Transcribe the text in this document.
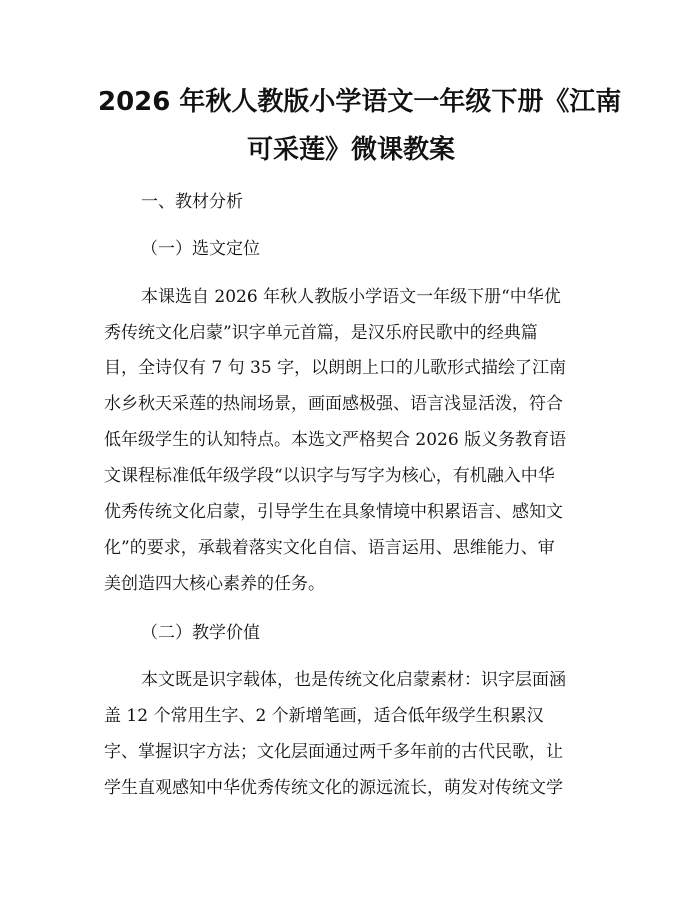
2026 年秋人教版小学语文一年级下册《江南
可采莲》微课教案

一、教材分析

（一）选文定位

本课选自 2026 年秋人教版小学语文一年级下册“中华优

秀传统文化启蒙”识字单元首篇，是汉乐府民歌中的经典篇

目，全诗仅有 7 句 35 字，以朗朗上口的儿歌形式描绘了江南

水乡秋天采莲的热闹场景，画面感极强、语言浅显活泼，符合

低年级学生的认知特点。本选文严格契合 2026 版义务教育语

文课程标准低年级学段“以识字与写字为核心，有机融入中华

优秀传统文化启蒙，引导学生在具象情境中积累语言、感知文

化”的要求，承载着落实文化自信、语言运用、思维能力、审

美创造四大核心素养的任务。

（二）教学价值

本文既是识字载体，也是传统文化启蒙素材：识字层面涵

盖 12 个常用生字、2 个新增笔画，适合低年级学生积累汉

字、掌握识字方法；文化层面通过两千多年前的古代民歌，让

学生直观感知中华优秀传统文化的源远流长，萌发对传统文学
